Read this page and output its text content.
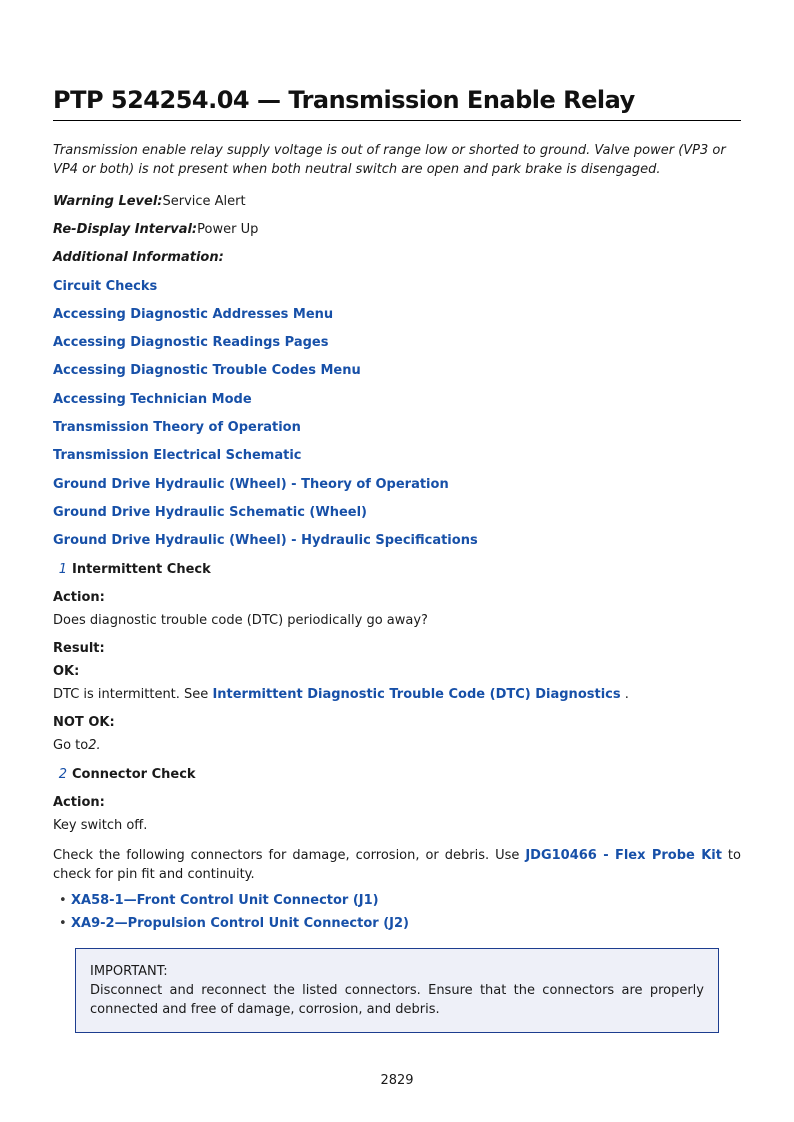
PTP 524254.04 — Transmission Enable Relay
Transmission enable relay supply voltage is out of range low or shorted to ground. Valve power (VP3 or VP4 or both) is not present when both neutral switch are open and park brake is disengaged.
Warning Level:Service Alert
Re-Display Interval:Power Up
Additional Information:
Circuit Checks
Accessing Diagnostic Addresses Menu
Accessing Diagnostic Readings Pages
Accessing Diagnostic Trouble Codes Menu
Accessing Technician Mode
Transmission Theory of Operation
Transmission Electrical Schematic
Ground Drive Hydraulic (Wheel) - Theory of Operation
Ground Drive Hydraulic Schematic (Wheel)
Ground Drive Hydraulic (Wheel) - Hydraulic Specifications
1 Intermittent Check
Action:
Does diagnostic trouble code (DTC) periodically go away?
Result:
OK:
DTC is intermittent. See Intermittent Diagnostic Trouble Code (DTC) Diagnostics .
NOT OK:
Go to2.
2 Connector Check
Action:
Key switch off.
Check the following connectors for damage, corrosion, or debris. Use JDG10466 - Flex Probe Kit to check for pin fit and continuity.
• XA58-1—Front Control Unit Connector (J1)
• XA9-2—Propulsion Control Unit Connector (J2)
IMPORTANT:
Disconnect and reconnect the listed connectors. Ensure that the connectors are properly connected and free of damage, corrosion, and debris.
2829
